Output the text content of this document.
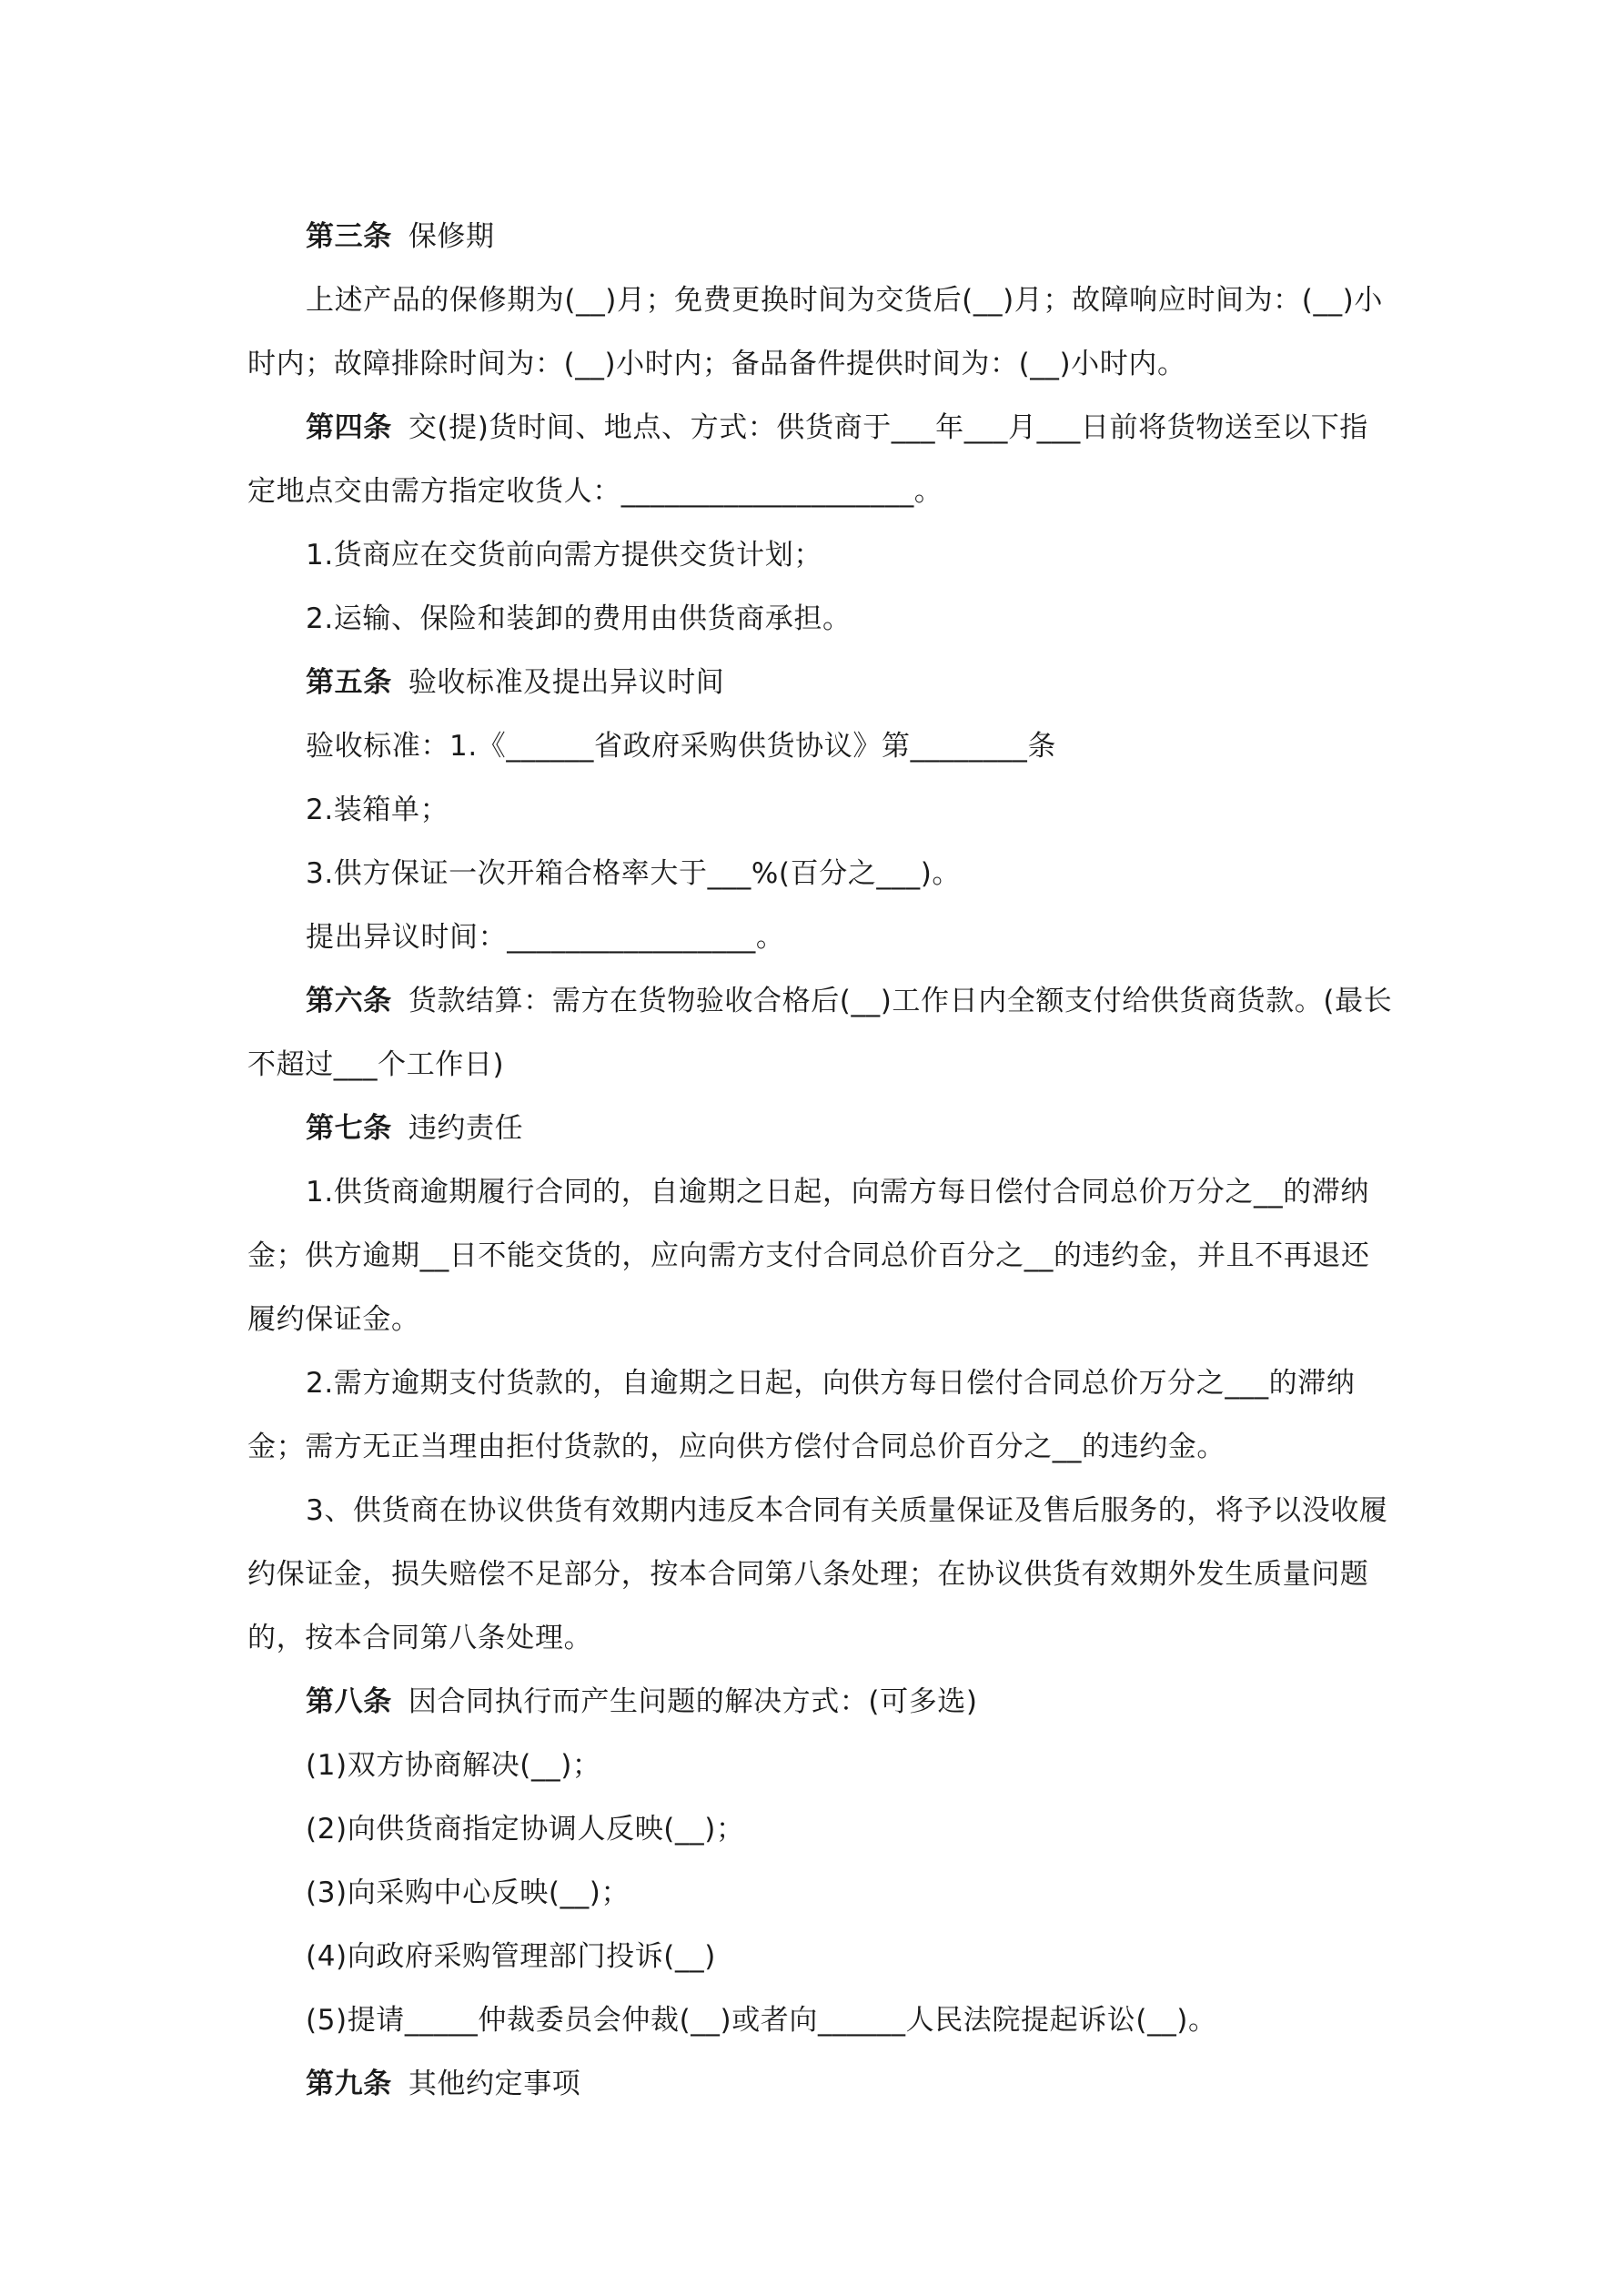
第三条 保修期

上述产品的保修期为(__)月；免费更换时间为交货后(__)月；故障响应时间为：(__)小时内；故障排除时间为：(__)小时内；备品备件提供时间为：(__)小时内。

第四条 交(提)货时间、地点、方式：供货商于___年___月___日前将货物送至以下指定地点交由需方指定收货人：____________________。

1.货商应在交货前向需方提供交货计划；

2.运输、保险和装卸的费用由供货商承担。

第五条 验收标准及提出异议时间

验收标准：1.《______省政府采购供货协议》第________条

2.装箱单；

3.供方保证一次开箱合格率大于___%(百分之___)。

提出异议时间：_________________。

第六条 货款结算：需方在货物验收合格后(__)工作日内全额支付给供货商货款。(最长不超过___个工作日)

第七条 违约责任

1.供货商逾期履行合同的，自逾期之日起，向需方每日偿付合同总价万分之__的滞纳金；供方逾期__日不能交货的，应向需方支付合同总价百分之__的违约金，并且不再退还履约保证金。

2.需方逾期支付货款的，自逾期之日起，向供方每日偿付合同总价万分之___的滞纳金；需方无正当理由拒付货款的，应向供方偿付合同总价百分之__的违约金。

3、供货商在协议供货有效期内违反本合同有关质量保证及售后服务的，将予以没收履约保证金，损失赔偿不足部分，按本合同第八条处理；在协议供货有效期外发生质量问题的，按本合同第八条处理。

第八条 因合同执行而产生问题的解决方式：(可多选)

(1)双方协商解决(__)；

(2)向供货商指定协调人反映(__)；

(3)向采购中心反映(__)；

(4)向政府采购管理部门投诉(__)

(5)提请_____仲裁委员会仲裁(__)或者向______人民法院提起诉讼(__)。

第九条 其他约定事项
